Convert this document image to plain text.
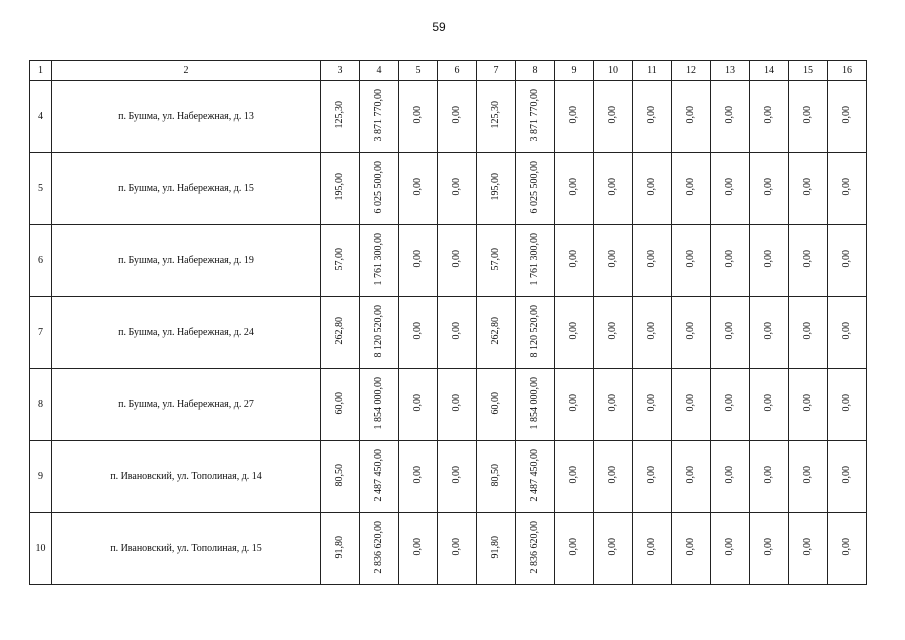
59
1	2	3	4	5	6	7	8	9	10	11	12	13	14	15	16
4	п. Бушма, ул. Набережная, д. 13	125,30	3 871 770,00	0,00	0,00	125,30	3 871 770,00	0,00	0,00	0,00	0,00	0,00	0,00	0,00	0,00
5	п. Бушма, ул. Набережная, д. 15	195,00	6 025 500,00	0,00	0,00	195,00	6 025 500,00	0,00	0,00	0,00	0,00	0,00	0,00	0,00	0,00
6	п. Бушма, ул. Набережная, д. 19	57,00	1 761 300,00	0,00	0,00	57,00	1 761 300,00	0,00	0,00	0,00	0,00	0,00	0,00	0,00	0,00
7	п. Бушма, ул. Набережная, д. 24	262,80	8 120 520,00	0,00	0,00	262,80	8 120 520,00	0,00	0,00	0,00	0,00	0,00	0,00	0,00	0,00
8	п. Бушма, ул. Набережная, д. 27	60,00	1 854 000,00	0,00	0,00	60,00	1 854 000,00	0,00	0,00	0,00	0,00	0,00	0,00	0,00	0,00
9	п. Ивановский, ул. Тополиная, д. 14	80,50	2 487 450,00	0,00	0,00	80,50	2 487 450,00	0,00	0,00	0,00	0,00	0,00	0,00	0,00	0,00
10	п. Ивановский, ул. Тополиная, д. 15	91,80	2 836 620,00	0,00	0,00	91,80	2 836 620,00	0,00	0,00	0,00	0,00	0,00	0,00	0,00	0,00
